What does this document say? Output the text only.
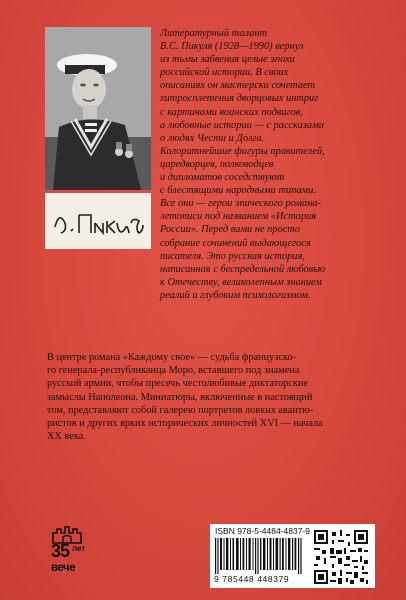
Литературный талант
В.С. Пикуля (1928—1990) вернул
из тьмы забвения целые эпохи
российской истории. В своих
описаниях он мастерски сочетает
хитросплетения дворцовых интриг
с картинами воинских подвигов,
а любовные истории — с рассказами
о людях Чести и Долга.
Колоритнейшие фигуры правителей,
царедворцев, полководцев
и дипломатов соседствуют
с блестящими народными типами.
Все они — герои эпического романа-
летописи под названием «История
России». Перед вами не просто
собрание сочинений выдающегося
писателя. Это русская история,
написанная с беспредельной любовью
к Отечеству, великолепным знанием
реалий и глубоким психологизмом.
В центре романа «Каждому свое» — судьба французско-
го генерала-республиканца Моро, вставшего под знамена
русской армии, чтобы пресечь честолюбивые диктаторские
замыслы Наполеона. Миниатюры, включенные в настоящий
том, представляют собой галерею портретов ловких авантю-
ристов и других ярких исторических личностей XVI — начала
XX века.
35 лет
вече
ISBN 978-5-4484-4837-9
9 785448 448379
